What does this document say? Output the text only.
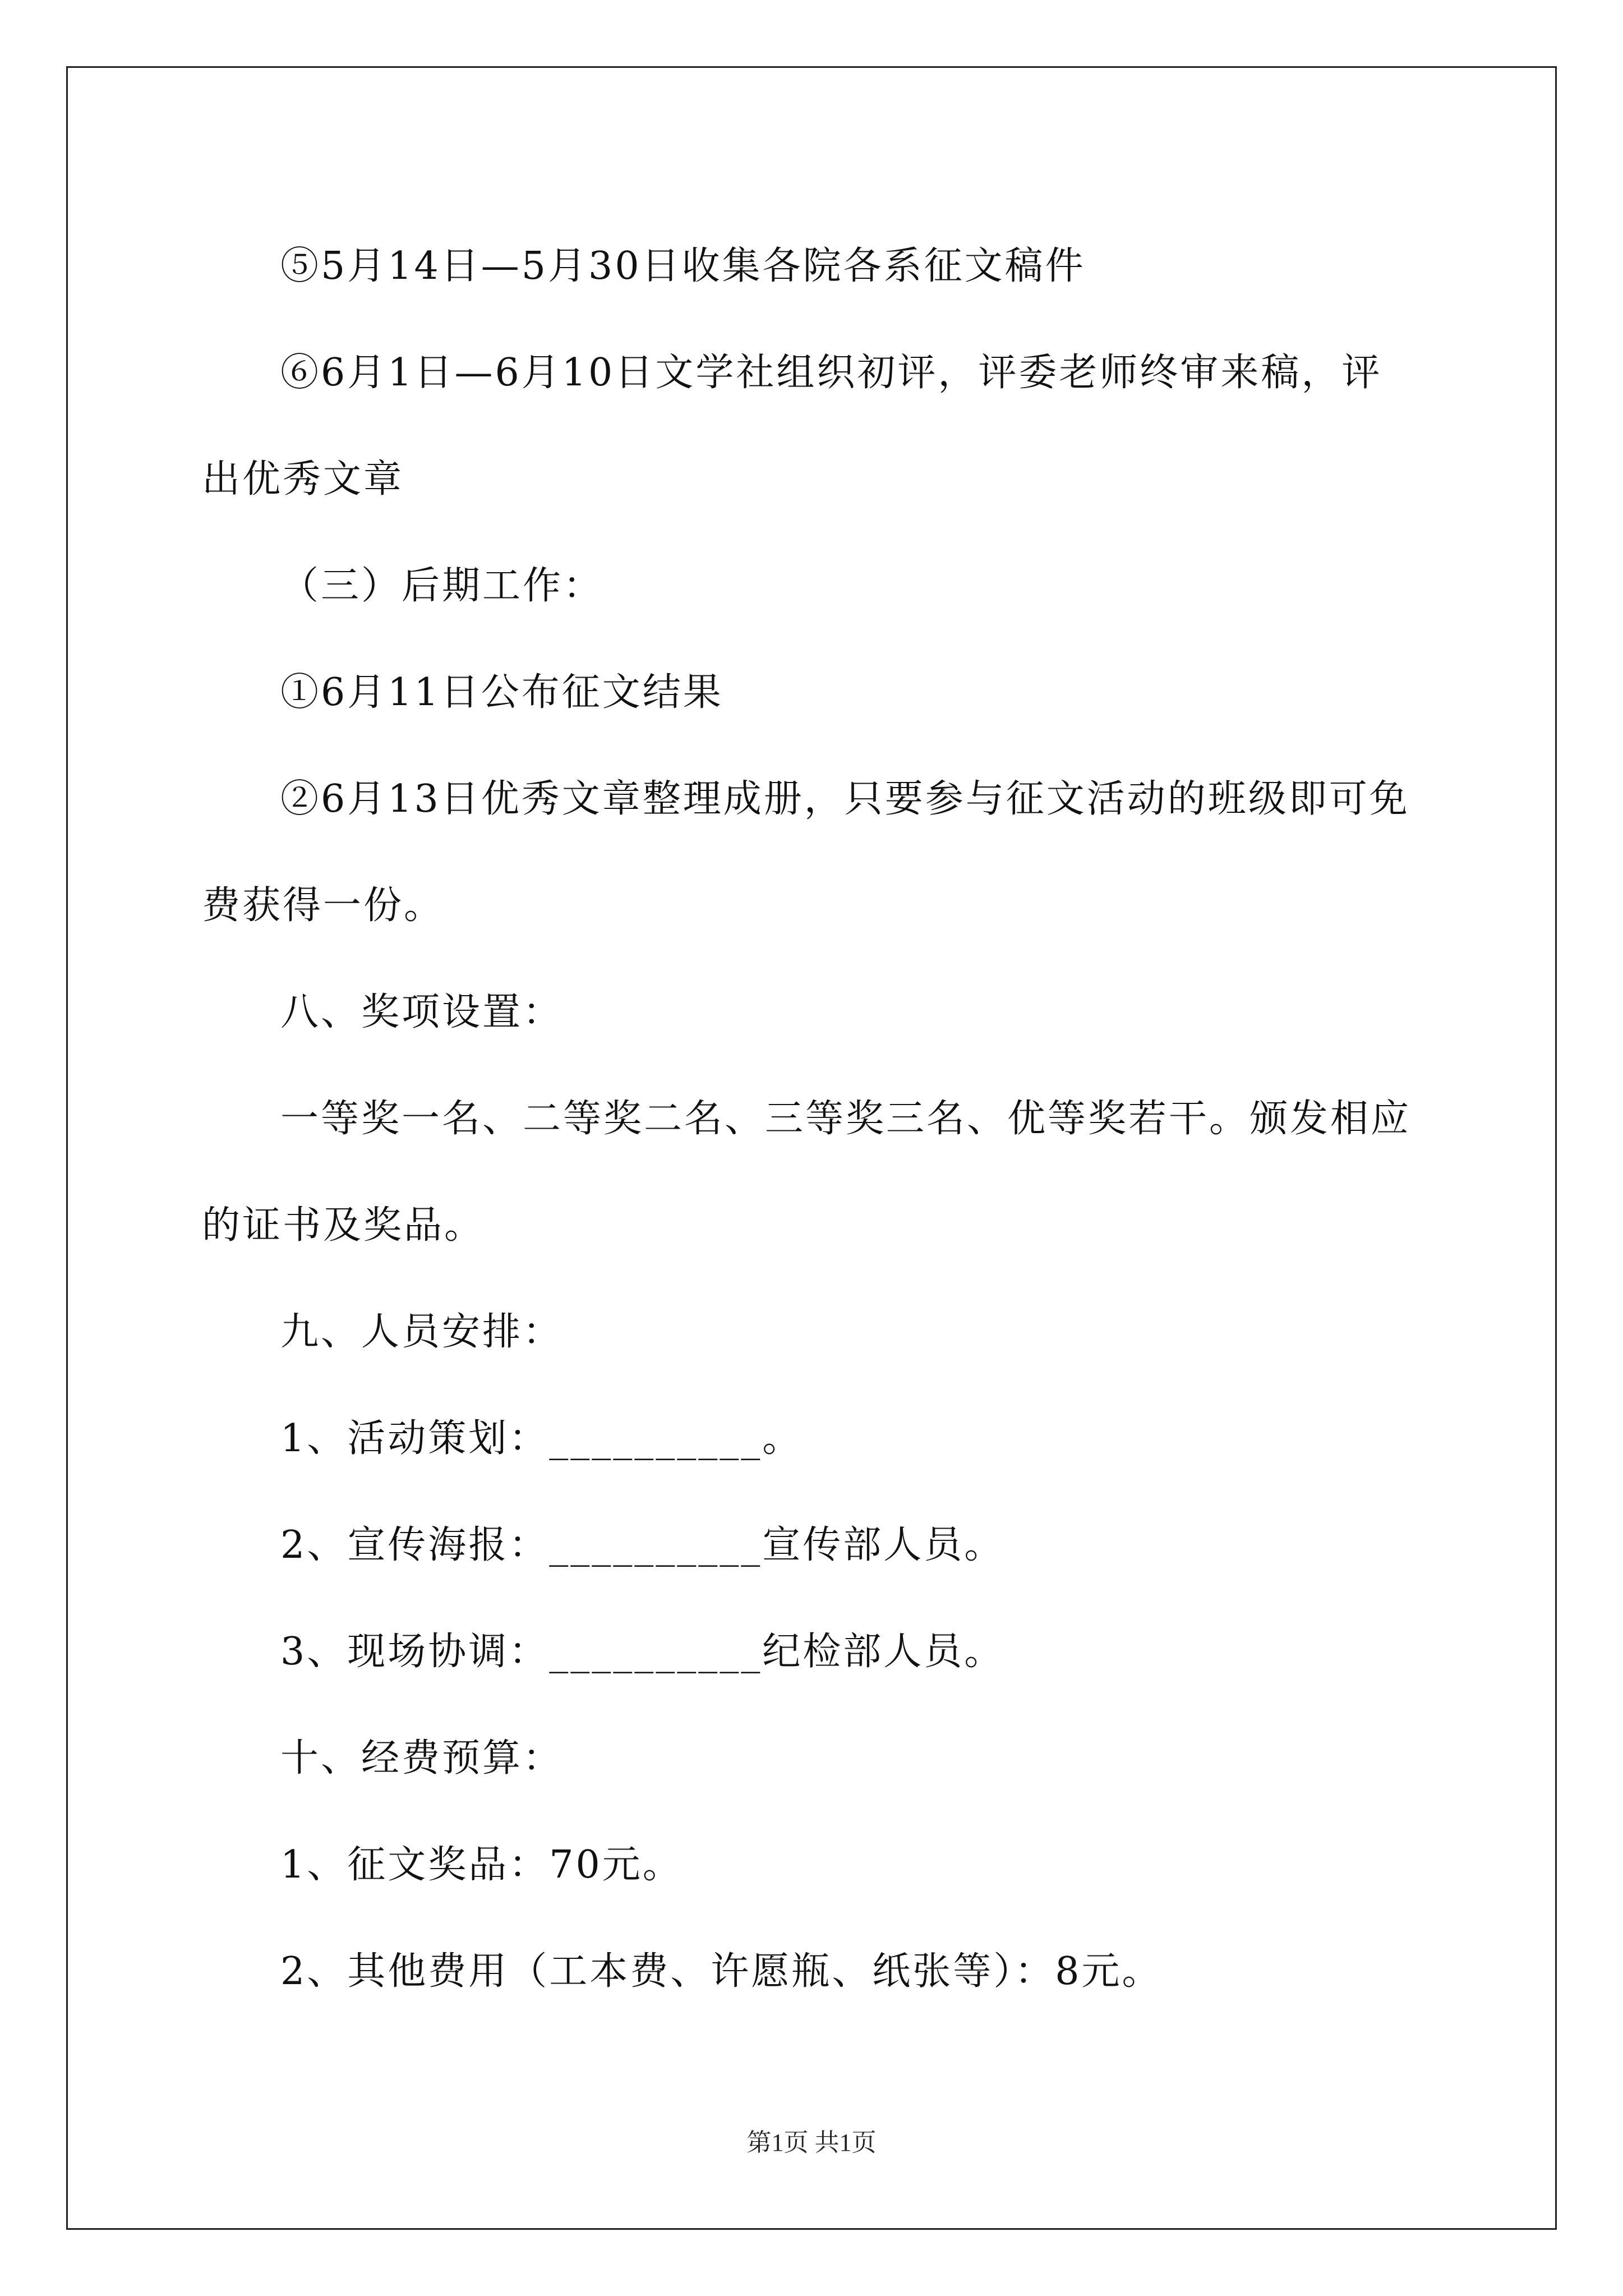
⑤5月14日—5月30日收集各院各系征文稿件

⑥6月1日—6月10日文学社组织初评，评委老师终审来稿，评

出优秀文章

（三）后期工作：

①6月11日公布征文结果

②6月13日优秀文章整理成册，只要参与征文活动的班级即可免

费获得一份。

八、奖项设置：

一等奖一名、二等奖二名、三等奖三名、优等奖若干。颁发相应

的证书及奖品。

九、人员安排：

1、活动策划：__________。

2、宣传海报：__________宣传部人员。

3、现场协调：__________纪检部人员。

十、经费预算：

1、征文奖品：70元。

2、其他费用（工本费、许愿瓶、纸张等）：8元。

第1页 共1页
